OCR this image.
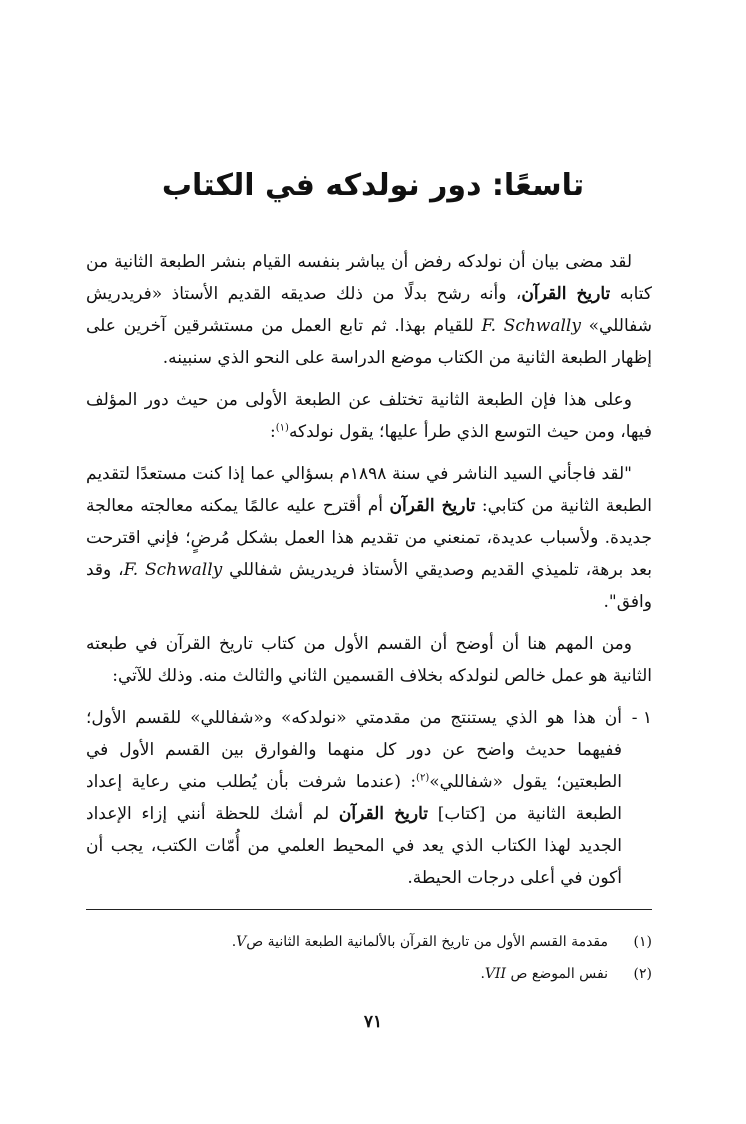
تاسعًا: دور نولدكه في الكتاب

لقد مضى بيان أن نولدكه رفض أن يباشر بنفسه القيام بنشر الطبعة الثانية من كتابه تاريخ القرآن، وأنه رشح بدلًا من ذلك صديقه القديم الأستاذ «فريدريش شفاللي» F. Schwally للقيام بهذا. ثم تابع العمل من مستشرقين آخرين على إظهار الطبعة الثانية من الكتاب موضع الدراسة على النحو الذي سنبينه.

وعلى هذا فإن الطبعة الثانية تختلف عن الطبعة الأولى من حيث دور المؤلف فيها، ومن حيث التوسع الذي طرأ عليها؛ يقول نولدكه$^{(١)}$:

"لقد فاجأني السيد الناشر في سنة ١٨٩٨م بسؤالي عما إذا كنت مستعدًا لتقديم الطبعة الثانية من كتابي: تاريخ القرآن أم أقترح عليه عالمًا يمكنه معالجته معالجة جديدة. ولأسباب عديدة، تمنعني من تقديم هذا العمل بشكل مُرضٍ؛ فإني اقترحت بعد برهة، تلميذي القديم وصديقي الأستاذ فريدريش شفاللي F. Schwally، وقد وافق".

ومن المهم هنا أن أوضح أن القسم الأول من كتاب تاريخ القرآن في طبعته الثانية هو عمل خالص لنولدكه بخلاف القسمين الثاني والثالث منه. وذلك للآتي:

١ -
أن هذا هو الذي يستنتج من مقدمتي «نولدكه» و«شفاللي» للقسم الأول؛ ففيهما حديث واضح عن دور كل منهما والفوارق بين القسم الأول في الطبعتين؛ يقول «شفاللي»$^{(٢)}$: (عندما شرفت بأن يُطلب مني رعاية إعداد الطبعة الثانية من [كتاب] تاريخ القرآن لم أشك للحظة أنني إزاء الإعداد الجديد لهذا الكتاب الذي يعد في المحيط العلمي من أُمّات الكتب، يجب أن أكون في أعلى درجات الحيطة.
(١)
مقدمة القسم الأول من تاريخ القرآن بالألمانية الطبعة الثانية صV.
(٢)
نفس الموضع ص VII.
٧١
